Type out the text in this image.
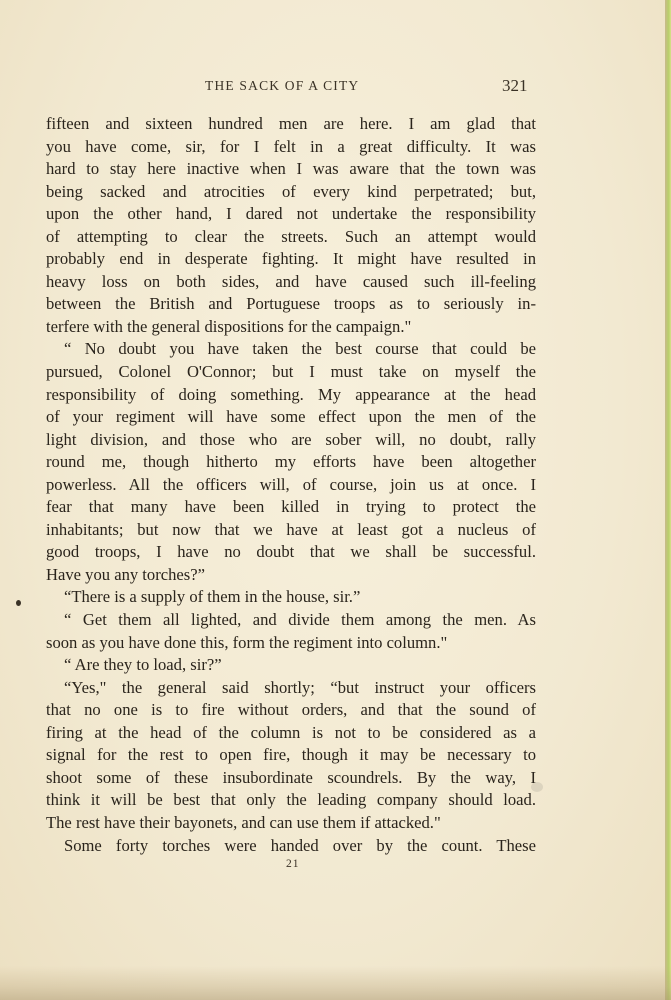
THE SACK OF A CITY	321
fifteen and sixteen hundred men are here. I am glad that
you have come, sir, for I felt in a great difficulty. It was
hard to stay here inactive when I was aware that the town was
being sacked and atrocities of every kind perpetrated; but,
upon the other hand, I dared not undertake the responsibility
of attempting to clear the streets. Such an attempt would
probably end in desperate fighting. It might have resulted in
heavy loss on both sides, and have caused such ill-feeling
between the British and Portuguese troops as to seriously in-
terfere with the general dispositions for the campaign."
“ No doubt you have taken the best course that could be
pursued, Colonel O'Connor; but I must take on myself the
responsibility of doing something. My appearance at the head
of your regiment will have some effect upon the men of the
light division, and those who are sober will, no doubt, rally
round me, though hitherto my efforts have been altogether
powerless. All the officers will, of course, join us at once. I
fear that many have been killed in trying to protect the
inhabitants; but now that we have at least got a nucleus of
good troops, I have no doubt that we shall be successful.
Have you any torches?”
“There is a supply of them in the house, sir.”
“ Get them all lighted, and divide them among the men. As
soon as you have done this, form the regiment into column."
“ Are they to load, sir?”
“Yes," the general said shortly; “but instruct your officers
that no one is to fire without orders, and that the sound of
firing at the head of the column is not to be considered as a
signal for the rest to open fire, though it may be necessary to
shoot some of these insubordinate scoundrels. By the way, I
think it will be best that only the leading company should load.
The rest have their bayonets, and can use them if attacked."
Some forty torches were handed over by the count. These
21
